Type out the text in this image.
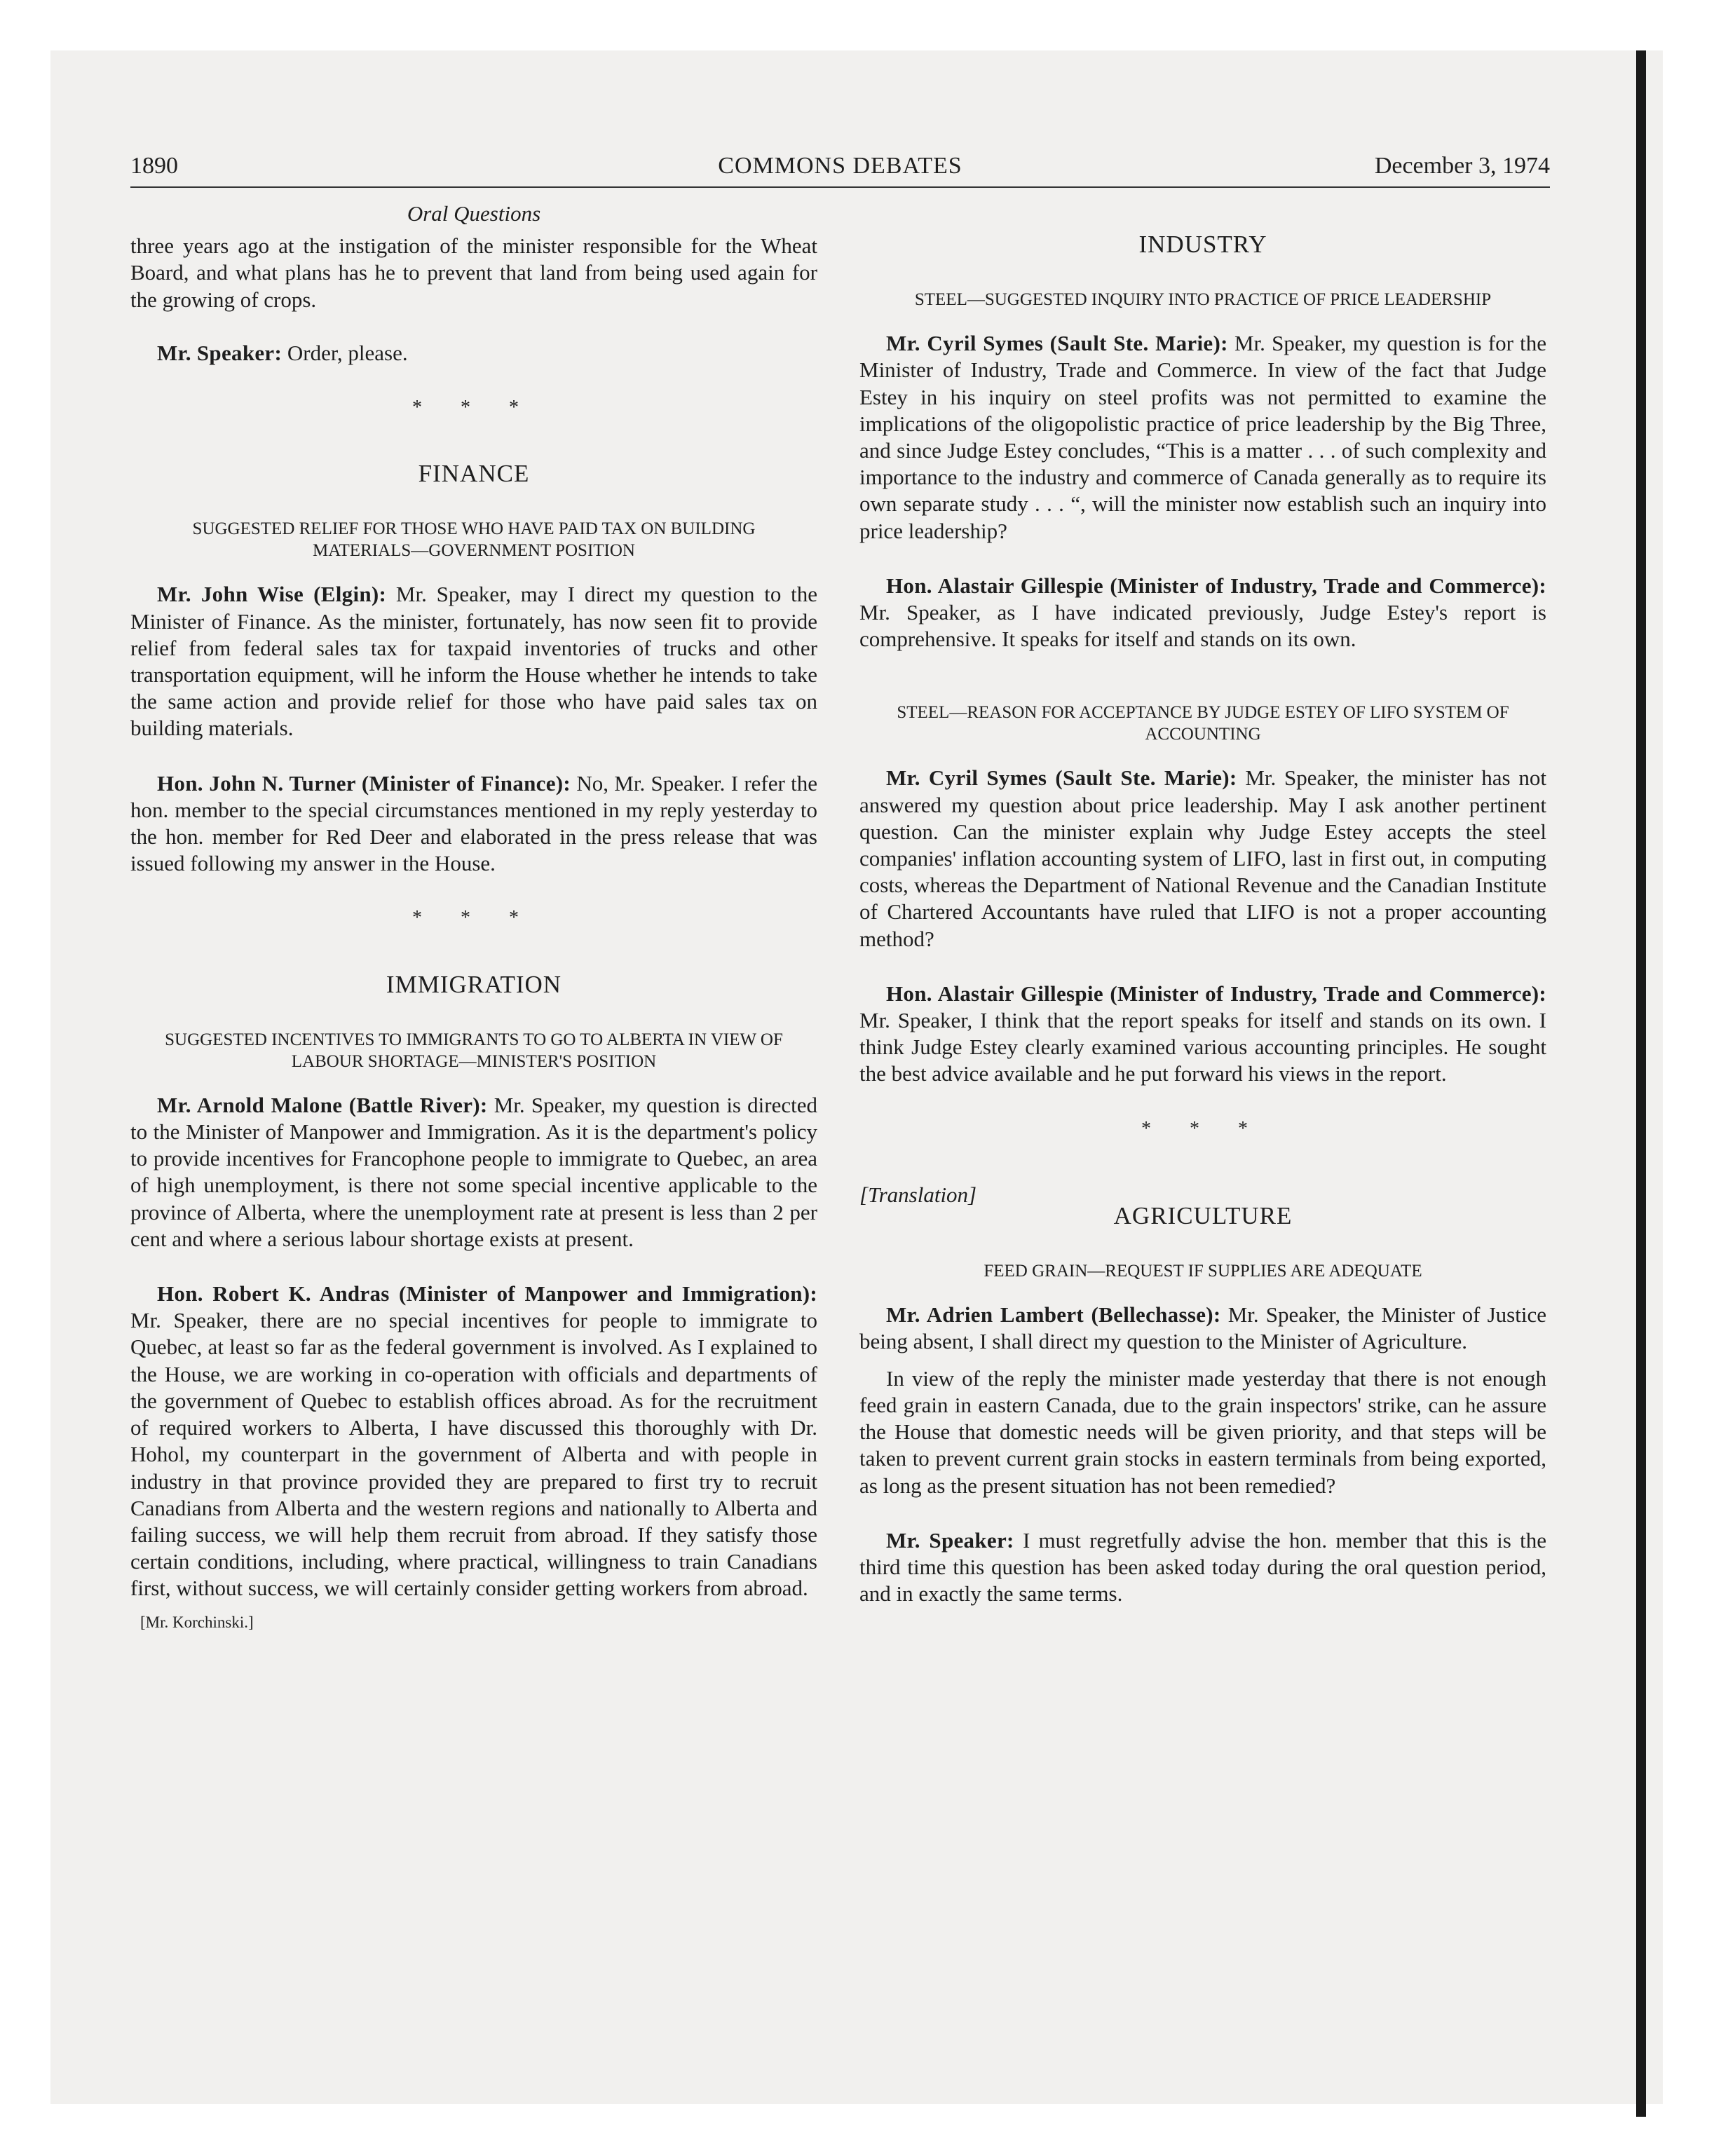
COMMONS DEBATES
1890	December 3, 1974

Oral Questions

three years ago at the instigation of the minister responsible for the Wheat Board, and what plans has he to prevent that land from being used again for the growing of crops.

Mr. Speaker: Order, please.

* * *

FINANCE

SUGGESTED RELIEF FOR THOSE WHO HAVE PAID TAX ON BUILDING MATERIALS—GOVERNMENT POSITION

Mr. John Wise (Elgin): Mr. Speaker, may I direct my question to the Minister of Finance. As the minister, fortunately, has now seen fit to provide relief from federal sales tax for taxpaid inventories of trucks and other transportation equipment, will he inform the House whether he intends to take the same action and provide relief for those who have paid sales tax on building materials.

Hon. John N. Turner (Minister of Finance): No, Mr. Speaker. I refer the hon. member to the special circumstances mentioned in my reply yesterday to the hon. member for Red Deer and elaborated in the press release that was issued following my answer in the House.

* * *

IMMIGRATION

SUGGESTED INCENTIVES TO IMMIGRANTS TO GO TO ALBERTA IN VIEW OF LABOUR SHORTAGE—MINISTER'S POSITION

Mr. Arnold Malone (Battle River): Mr. Speaker, my question is directed to the Minister of Manpower and Immigration. As it is the department's policy to provide incentives for Francophone people to immigrate to Quebec, an area of high unemployment, is there not some special incentive applicable to the province of Alberta, where the unemployment rate at present is less than 2 per cent and where a serious labour shortage exists at present.

Hon. Robert K. Andras (Minister of Manpower and Immigration): Mr. Speaker, there are no special incentives for people to immigrate to Quebec, at least so far as the federal government is involved. As I explained to the House, we are working in co-operation with officials and departments of the government of Quebec to establish offices abroad. As for the recruitment of required workers to Alberta, I have discussed this thoroughly with Dr. Hohol, my counterpart in the government of Alberta and with people in industry in that province provided they are prepared to first try to recruit Canadians from Alberta and the western regions and nationally to Alberta and failing success, we will help them recruit from abroad. If they satisfy those certain conditions, including, where practical, willingness to train Canadians first, without success, we will certainly consider getting workers from abroad.

[Mr. Korchinski.]

INDUSTRY

STEEL—SUGGESTED INQUIRY INTO PRACTICE OF PRICE LEADERSHIP

Mr. Cyril Symes (Sault Ste. Marie): Mr. Speaker, my question is for the Minister of Industry, Trade and Commerce. In view of the fact that Judge Estey in his inquiry on steel profits was not permitted to examine the implications of the oligopolistic practice of price leadership by the Big Three, and since Judge Estey concludes, “This is a matter . . . of such complexity and importance to the industry and commerce of Canada generally as to require its own separate study . . . “, will the minister now establish such an inquiry into price leadership?

Hon. Alastair Gillespie (Minister of Industry, Trade and Commerce): Mr. Speaker, as I have indicated previously, Judge Estey's report is comprehensive. It speaks for itself and stands on its own.

STEEL—REASON FOR ACCEPTANCE BY JUDGE ESTEY OF LIFO SYSTEM OF ACCOUNTING

Mr. Cyril Symes (Sault Ste. Marie): Mr. Speaker, the minister has not answered my question about price leadership. May I ask another pertinent question. Can the minister explain why Judge Estey accepts the steel companies' inflation accounting system of LIFO, last in first out, in computing costs, whereas the Department of National Revenue and the Canadian Institute of Chartered Accountants have ruled that LIFO is not a proper accounting method?

Hon. Alastair Gillespie (Minister of Industry, Trade and Commerce): Mr. Speaker, I think that the report speaks for itself and stands on its own. I think Judge Estey clearly examined various accounting principles. He sought the best advice available and he put forward his views in the report.

* * *

[Translation]

AGRICULTURE

FEED GRAIN—REQUEST IF SUPPLIES ARE ADEQUATE

Mr. Adrien Lambert (Bellechasse): Mr. Speaker, the Minister of Justice being absent, I shall direct my question to the Minister of Agriculture.

In view of the reply the minister made yesterday that there is not enough feed grain in eastern Canada, due to the grain inspectors' strike, can he assure the House that domestic needs will be given priority, and that steps will be taken to prevent current grain stocks in eastern terminals from being exported, as long as the present situation has not been remedied?

Mr. Speaker: I must regretfully advise the hon. member that this is the third time this question has been asked today during the oral question period, and in exactly the same terms.
